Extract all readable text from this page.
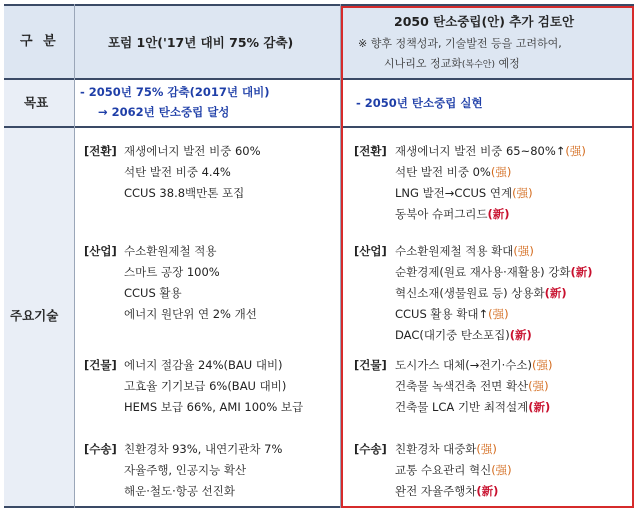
구 분	포럼 1안('17년 대비 75% 감축)
2050 탄소중립(안) 추가 검토안
※ 향후 정책성과, 기술발전 등을 고려하여,
시나리오 정교화(복수안) 예정
목표
- 2050년 75% 감축(2017년 대비)
→ 2062년 탄소중립 달성
- 2050년 탄소중립 실현
주요기술
[전환] 재생에너지 발전 비중 60%
석탄 발전 비중 4.4%
CCUS 38.8백만톤 포집
[산업] 수소환원제철 적용
스마트 공장 100%
CCUS 활용
에너지 원단위 연 2% 개선
[건물] 에너지 절감율 24%(BAU 대비)
고효율 기기보급 6%(BAU 대비)
HEMS 보급 66%, AMI 100% 보급
[수송] 친환경차 93%, 내연기관차 7%
자율주행, 인공지능 확산
해운·철도·항공 선진화
[전환] 재생에너지 발전 비중 65~80%↑(强)
석탄 발전 비중 0%(强)
LNG 발전→CCUS 연계(强)
동북아 슈퍼그리드(新)
[산업] 수소환원제철 적용 확대(强)
순환경제(원료 재사용·재활용) 강화(新)
혁신소재(생물원료 등) 상용화(新)
CCUS 활용 확대↑(强)
DAC(대기중 탄소포집)(新)
[건물] 도시가스 대체(→전기·수소)(强)
건축물 녹색건축 전면 확산(强)
건축물 LCA 기반 최적설계(新)
[수송] 친환경차 대중화(强)
교통 수요관리 혁신(强)
완전 자율주행차(新)
